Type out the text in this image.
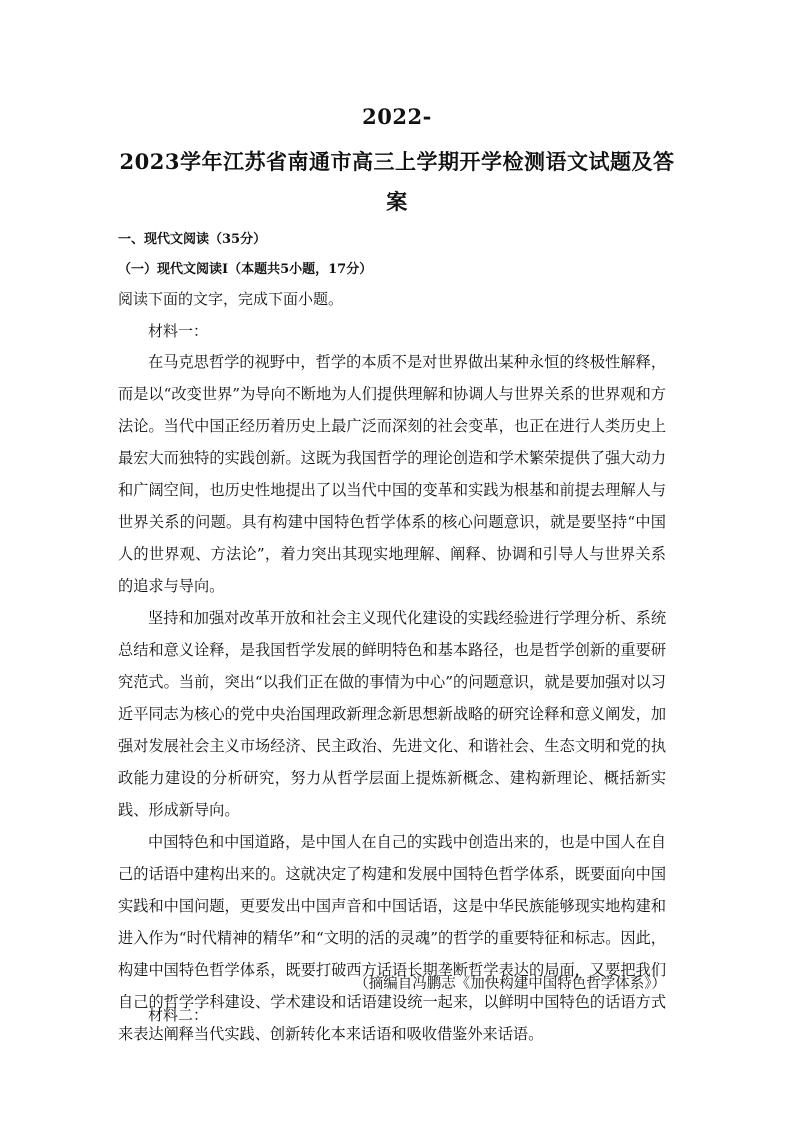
2022-
2023学年江苏省南通市高三上学期开学检测语文试题及答
案
一、现代文阅读（35分）
（一）现代文阅读I（本题共5小题，17分）
阅读下面的文字，完成下面小题。
材料一：

在马克思哲学的视野中，哲学的本质不是对世界做出某种永恒的终极性解释，而是以“改变世界”为导向不断地为人们提供理解和协调人与世界关系的世界观和方法论。当代中国正经历着历史上最广泛而深刻的社会变革，也正在进行人类历史上最宏大而独特的实践创新。这既为我国哲学的理论创造和学术繁荣提供了强大动力和广阔空间，也历史性地提出了以当代中国的变革和实践为根基和前提去理解人与世界关系的问题。具有构建中国特色哲学体系的核心问题意识，就是要坚持“中国人的世界观、方法论”，着力突出其现实地理解、阐释、协调和引导人与世界关系的追求与导向。

坚持和加强对改革开放和社会主义现代化建设的实践经验进行学理分析、系统总结和意义诠释，是我国哲学发展的鲜明特色和基本路径，也是哲学创新的重要研究范式。当前，突出“以我们正在做的事情为中心”的问题意识，就是要加强对以习近平同志为核心的党中央治国理政新理念新思想新战略的研究诠释和意义阐发，加强对发展社会主义市场经济、民主政治、先进文化、和谐社会、生态文明和党的执政能力建设的分析研究，努力从哲学层面上提炼新概念、建构新理论、概括新实践、形成新导向。

中国特色和中国道路，是中国人在自己的实践中创造出来的，也是中国人在自己的话语中建构出来的。这就决定了构建和发展中国特色哲学体系，既要面向中国实践和中国问题，更要发出中国声音和中国话语，这是中华民族能够现实地构建和进入作为“时代精神的精华”和“文明的活的灵魂”的哲学的重要特征和标志。因此，构建中国特色哲学体系，既要打破西方话语长期垄断哲学表达的局面，又要把我们自己的哲学学科建设、学术建设和话语建设统一起来，以鲜明中国特色的话语方式来表达阐释当代实践、创新转化本来话语和吸收借鉴外来话语。

（摘编自冯鹏志《加快构建中国特色哲学体系》）
材料二：
